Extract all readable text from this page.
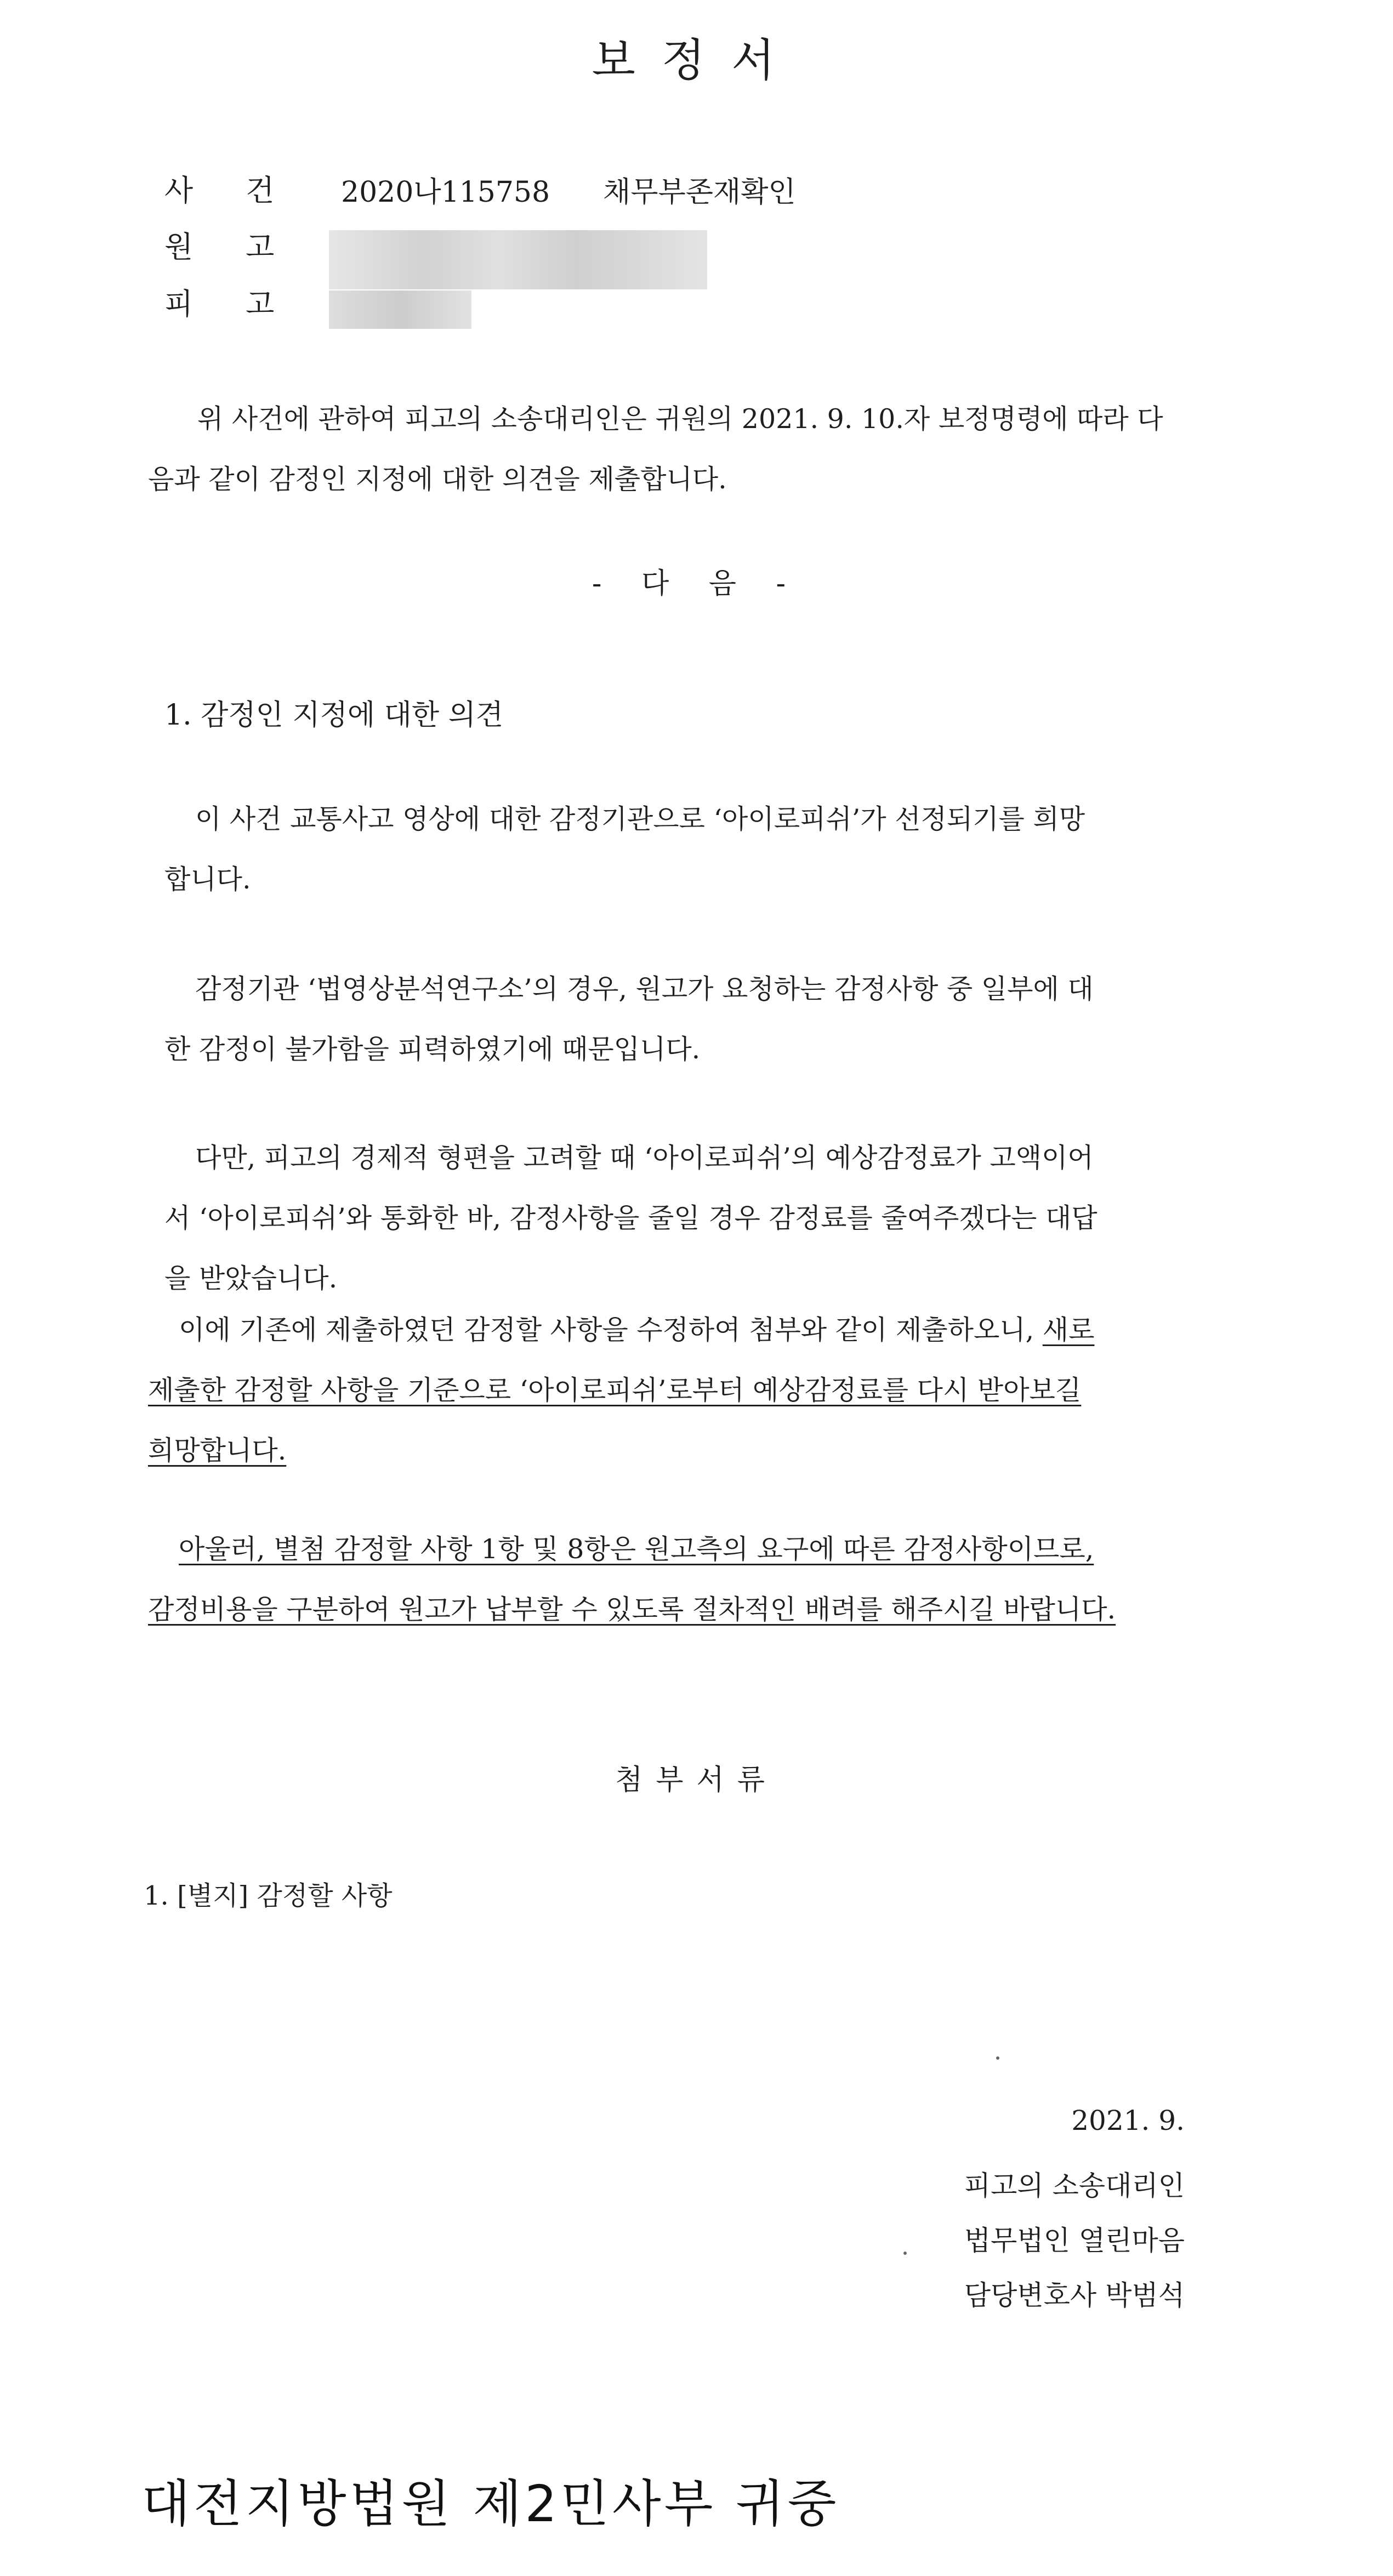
보정서
사건 2020나115758 채무부존재확인
원고
피고
위 사건에 관하여 피고의 소송대리인은 귀원의 2021. 9. 10.자 보정명령에 따라 다
음과 같이 감정인 지정에 대한 의견을 제출합니다.
- 다 음 -
1. 감정인 지정에 대한 의견
이 사건 교통사고 영상에 대한 감정기관으로 ‘아이로피쉬’가 선정되기를 희망
합니다.
감정기관 ‘법영상분석연구소’의 경우, 원고가 요청하는 감정사항 중 일부에 대
한 감정이 불가함을 피력하였기에 때문입니다.
다만, 피고의 경제적 형편을 고려할 때 ‘아이로피쉬’의 예상감정료가 고액이어
서 ‘아이로피쉬’와 통화한 바, 감정사항을 줄일 경우 감정료를 줄여주겠다는 대답
을 받았습니다.
이에 기존에 제출하였던 감정할 사항을 수정하여 첨부와 같이 제출하오니, 새로
제출한 감정할 사항을 기준으로 ‘아이로피쉬’로부터 예상감정료를 다시 받아보길
희망합니다.
아울러, 별첨 감정할 사항 1항 및 8항은 원고측의 요구에 따른 감정사항이므로,
감정비용을 구분하여 원고가 납부할 수 있도록 절차적인 배려를 해주시길 바랍니다.
첨부서류
1. [별지] 감정할 사항
2021. 9.
피고의 소송대리인
법무법인 열린마음
담당변호사 박범석
대전지방법원 제2민사부 귀중
